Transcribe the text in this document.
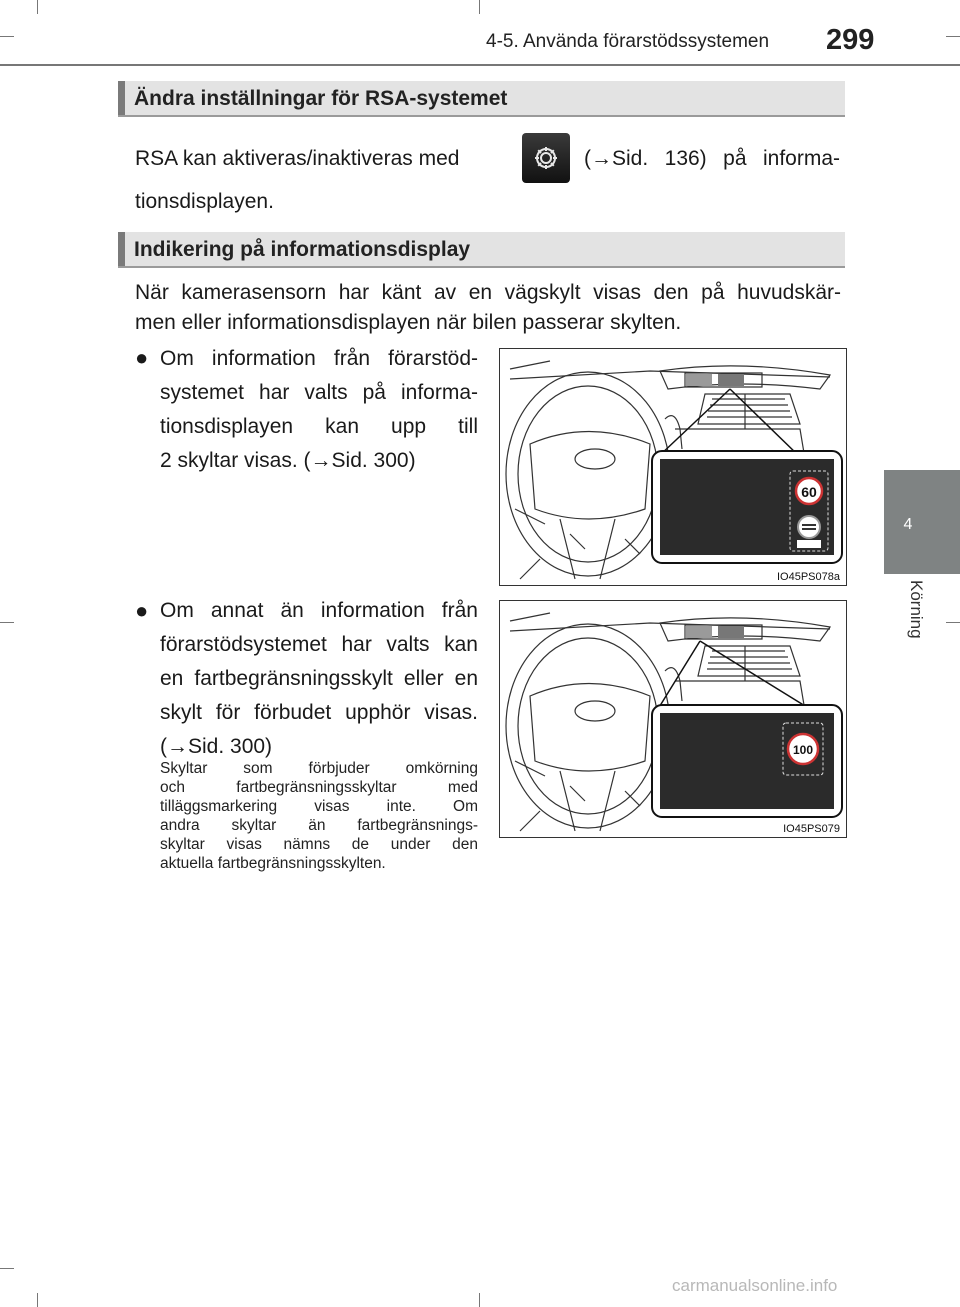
4-5. Använda förarstödssystemen 299
4
Körning
Ändra inställningar för RSA-systemet
RSA kan aktiveras/inaktiveras med	(→Sid. 136) på informa-
tionsdisplayen.
Indikering på informationsdisplay
När kamerasensorn har känt av en vägskylt visas den på huvudskär-
men eller informationsdisplayen när bilen passerar skylten.
● Om information från förarstöd-
systemet har valts på informa-
tionsdisplayen kan upp till
2 skyltar visas. (→Sid. 300)
60
IO45PS078a
● Om annat än information från
förarstödsystemet har valts kan
en fartbegränsningsskylt eller en
skylt för förbudet upphör visas.
(→Sid. 300)
Skyltar som förbjuder omkörning
och fartbegränsningsskyltar med
tilläggsmarkering visas inte. Om
andra skyltar än fartbegränsnings-
skyltar visas nämns de under den
aktuella fartbegränsningsskylten.
100
IO45PS079
carmanualsonline.info
